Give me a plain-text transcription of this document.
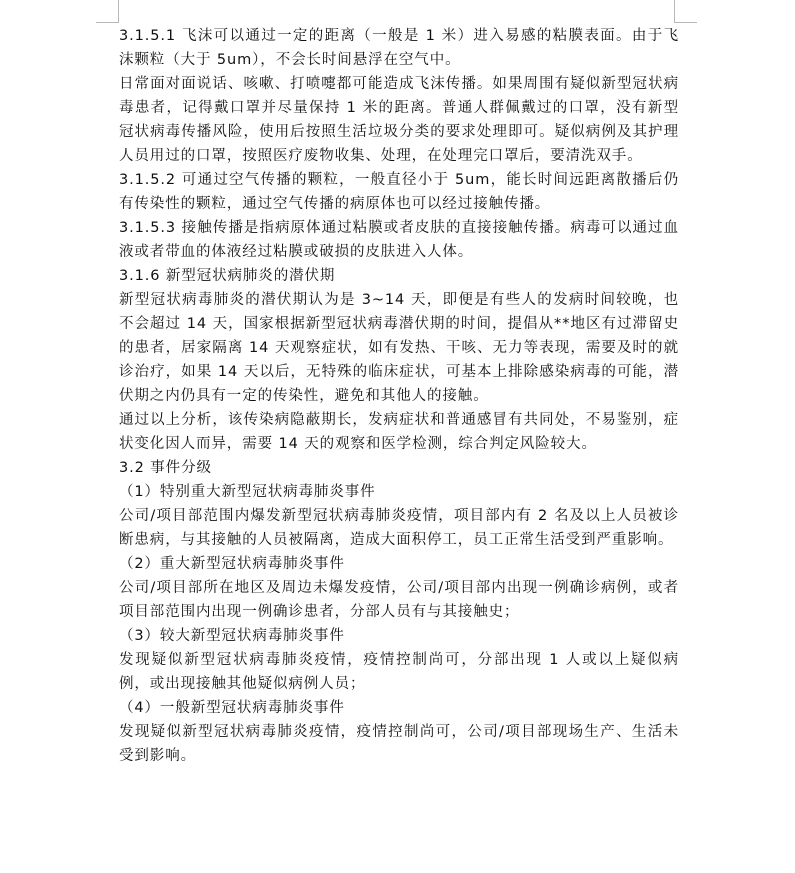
3.1.5.1 飞沫可以通过一定的距离（一般是 1 米）进入易感的粘膜表面。由于飞沫颗粒（大于 5um），不会长时间悬浮在空气中。

日常面对面说话、咳嗽、打喷嚏都可能造成飞沫传播。如果周围有疑似新型冠状病毒患者，记得戴口罩并尽量保持 1 米的距离。普通人群佩戴过的口罩，没有新型冠状病毒传播风险，使用后按照生活垃圾分类的要求处理即可。疑似病例及其护理人员用过的口罩，按照医疗废物收集、处理，在处理完口罩后，要清洗双手。

3.1.5.2 可通过空气传播的颗粒，一般直径小于 5um，能长时间远距离散播后仍有传染性的颗粒，通过空气传播的病原体也可以经过接触传播。

3.1.5.3 接触传播是指病原体通过粘膜或者皮肤的直接接触传播。病毒可以通过血液或者带血的体液经过粘膜或破损的皮肤进入人体。

3.1.6 新型冠状病肺炎的潜伏期

新型冠状病毒肺炎的潜伏期认为是 3~14 天，即便是有些人的发病时间较晚，也不会超过 14 天，国家根据新型冠状病毒潜伏期的时间，提倡从**地区有过滞留史的患者，居家隔离 14 天观察症状，如有发热、干咳、无力等表现，需要及时的就诊治疗，如果 14 天以后，无特殊的临床症状，可基本上排除感染病毒的可能，潜伏期之内仍具有一定的传染性，避免和其他人的接触。

通过以上分析，该传染病隐蔽期长，发病症状和普通感冒有共同处，不易鉴别，症状变化因人而异，需要 14 天的观察和医学检测，综合判定风险较大。

3.2 事件分级

（1）特别重大新型冠状病毒肺炎事件

公司/项目部范围内爆发新型冠状病毒肺炎疫情，项目部内有 2 名及以上人员被诊断患病，与其接触的人员被隔离，造成大面积停工，员工正常生活受到严重影响。

（2）重大新型冠状病毒肺炎事件

公司/项目部所在地区及周边未爆发疫情，公司/项目部内出现一例确诊病例，或者项目部范围内出现一例确诊患者，分部人员有与其接触史；

（3）较大新型冠状病毒肺炎事件

发现疑似新型冠状病毒肺炎疫情，疫情控制尚可，分部出现 1 人或以上疑似病例，或出现接触其他疑似病例人员；

（4）一般新型冠状病毒肺炎事件

发现疑似新型冠状病毒肺炎疫情，疫情控制尚可，公司/项目部现场生产、生活未受到影响。
